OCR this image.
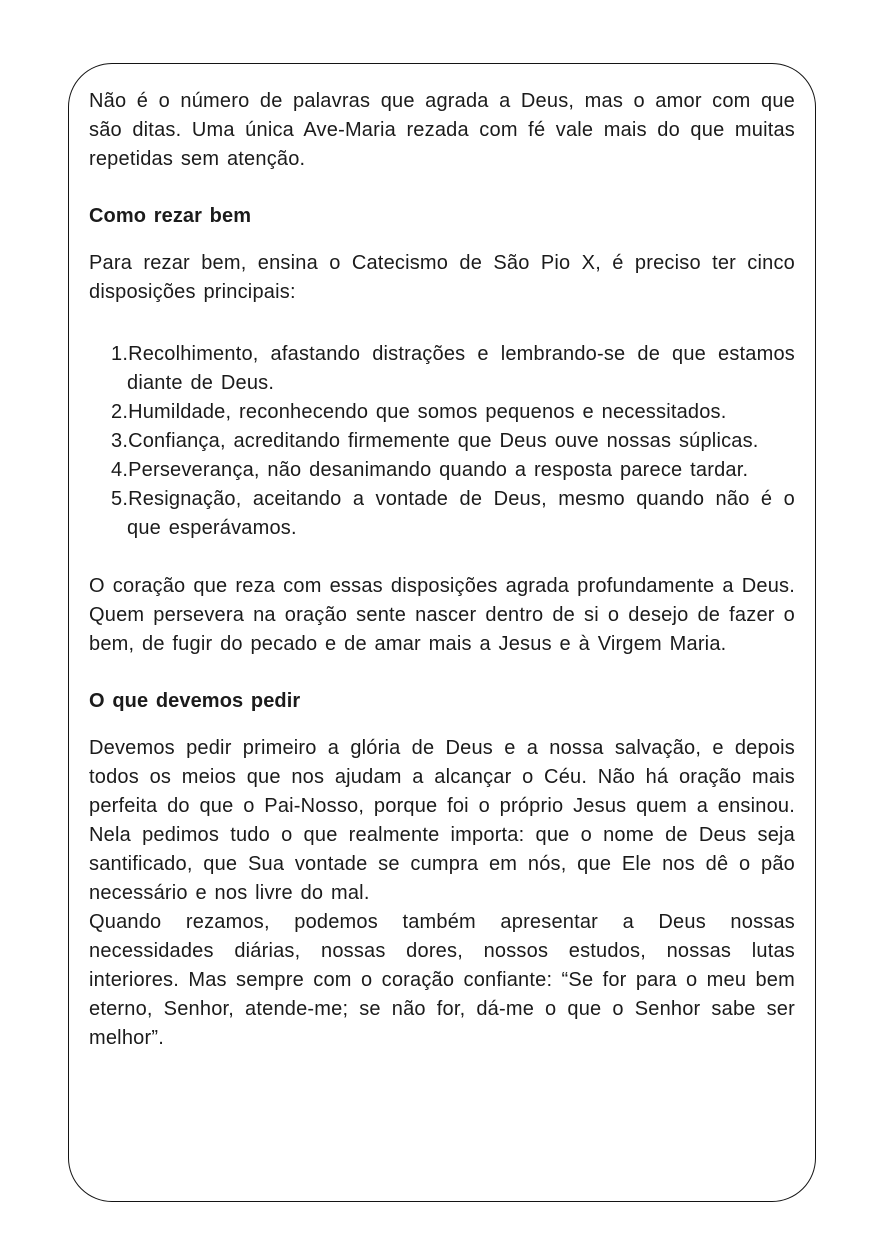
Não é o número de palavras que agrada a Deus, mas o amor com que são ditas. Uma única Ave-Maria rezada com fé vale mais do que muitas repetidas sem atenção.

Como rezar bem

Para rezar bem, ensina o Catecismo de São Pio X, é preciso ter cinco disposições principais:

Recolhimento, afastando distrações e lembrando-se de que estamos diante de Deus.
Humildade, reconhecendo que somos pequenos e necessitados.
Confiança, acreditando firmemente que Deus ouve nossas súplicas.
Perseverança, não desanimando quando a resposta parece tardar.
Resignação, aceitando a vontade de Deus, mesmo quando não é o que esperávamos.

O coração que reza com essas disposições agrada profundamente a Deus. Quem persevera na oração sente nascer dentro de si o desejo de fazer o bem, de fugir do pecado e de amar mais a Jesus e à Virgem Maria.

O que devemos pedir

Devemos pedir primeiro a glória de Deus e a nossa salvação, e depois todos os meios que nos ajudam a alcançar o Céu. Não há oração mais perfeita do que o Pai-Nosso, porque foi o próprio Jesus quem a ensinou. Nela pedimos tudo o que realmente importa: que o nome de Deus seja santificado, que Sua vontade se cumpra em nós, que Ele nos dê o pão necessário e nos livre do mal.

Quando rezamos, podemos também apresentar a Deus nossas necessidades diárias, nossas dores, nossos estudos, nossas lutas interiores. Mas sempre com o coração confiante: “Se for para o meu bem eterno, Senhor, atende-me; se não for, dá-me o que o Senhor sabe ser melhor”.
